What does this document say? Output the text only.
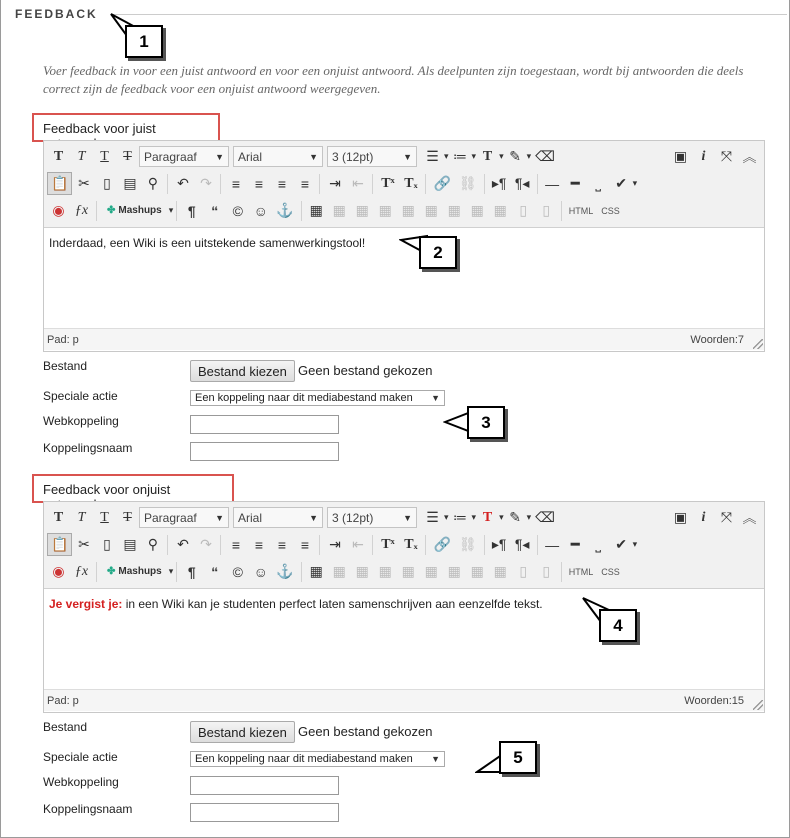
FEEDBACK
Voer feedback in voor een juist antwoord en voor een onjuist antwoord. Als deelpunten zijn toegestaan, wordt bij antwoorden die deels correct zijn de feedback voor een onjuist antwoord weergegeven.
Feedback voor juist
T	T	T	T	Paragraaf ▼ Arial	▼ 3 (12pt)	▼	☰ ▾ ≔ ▾ T ▾ ✎ ▾ ⌫	▣	i	⤧ ︽
📋 ✂ ▯ ▤ ⚲	↶ ↷	≡	≡	≡	≡	⇥ ⇤	Tˣ Tₓ	🔗 ⛓	▸¶ ¶◂	— ━	⎵	✔ ▾
◉ ƒx	✤ Mashups ▾	¶	“	© ☺ ⚓	▦ ▦ ▦ ▦ ▦ ▦ ▦ ▦ ▦ ▯	▯	HTML CSS
Inderdaad, een Wiki is een uitstekende samenwerkingstool!
Pad: p	Woorden:7
Bestand	Bestand kiezen Geen bestand gekozen
Speciale actie	Een koppeling naar dit mediabestand maken ▼
Webkoppeling
Koppelingsnaam
Feedback voor onjuist
T	T	T	T	Paragraaf ▼ Arial	▼ 3 (12pt)	▼	☰ ▾ ≔ ▾ T ▾ ✎ ▾ ⌫	▣	i	⤧ ︽
📋 ✂ ▯ ▤ ⚲	↶ ↷	≡	≡	≡	≡	⇥ ⇤	Tˣ Tₓ	🔗 ⛓	▸¶ ¶◂	— ━	⎵	✔ ▾
◉ ƒx	✤ Mashups ▾	¶	“	© ☺ ⚓	▦ ▦ ▦ ▦ ▦ ▦ ▦ ▦ ▦ ▯	▯	HTML CSS
Je vergist je: in een Wiki kan je studenten perfect laten samenschrijven aan eenzelfde tekst.
Pad: p	Woorden:15
Bestand	Bestand kiezen Geen bestand gekozen
Speciale actie	Een koppeling naar dit mediabestand maken ▼
Webkoppeling
Koppelingsnaam
1
2
3
4
5
